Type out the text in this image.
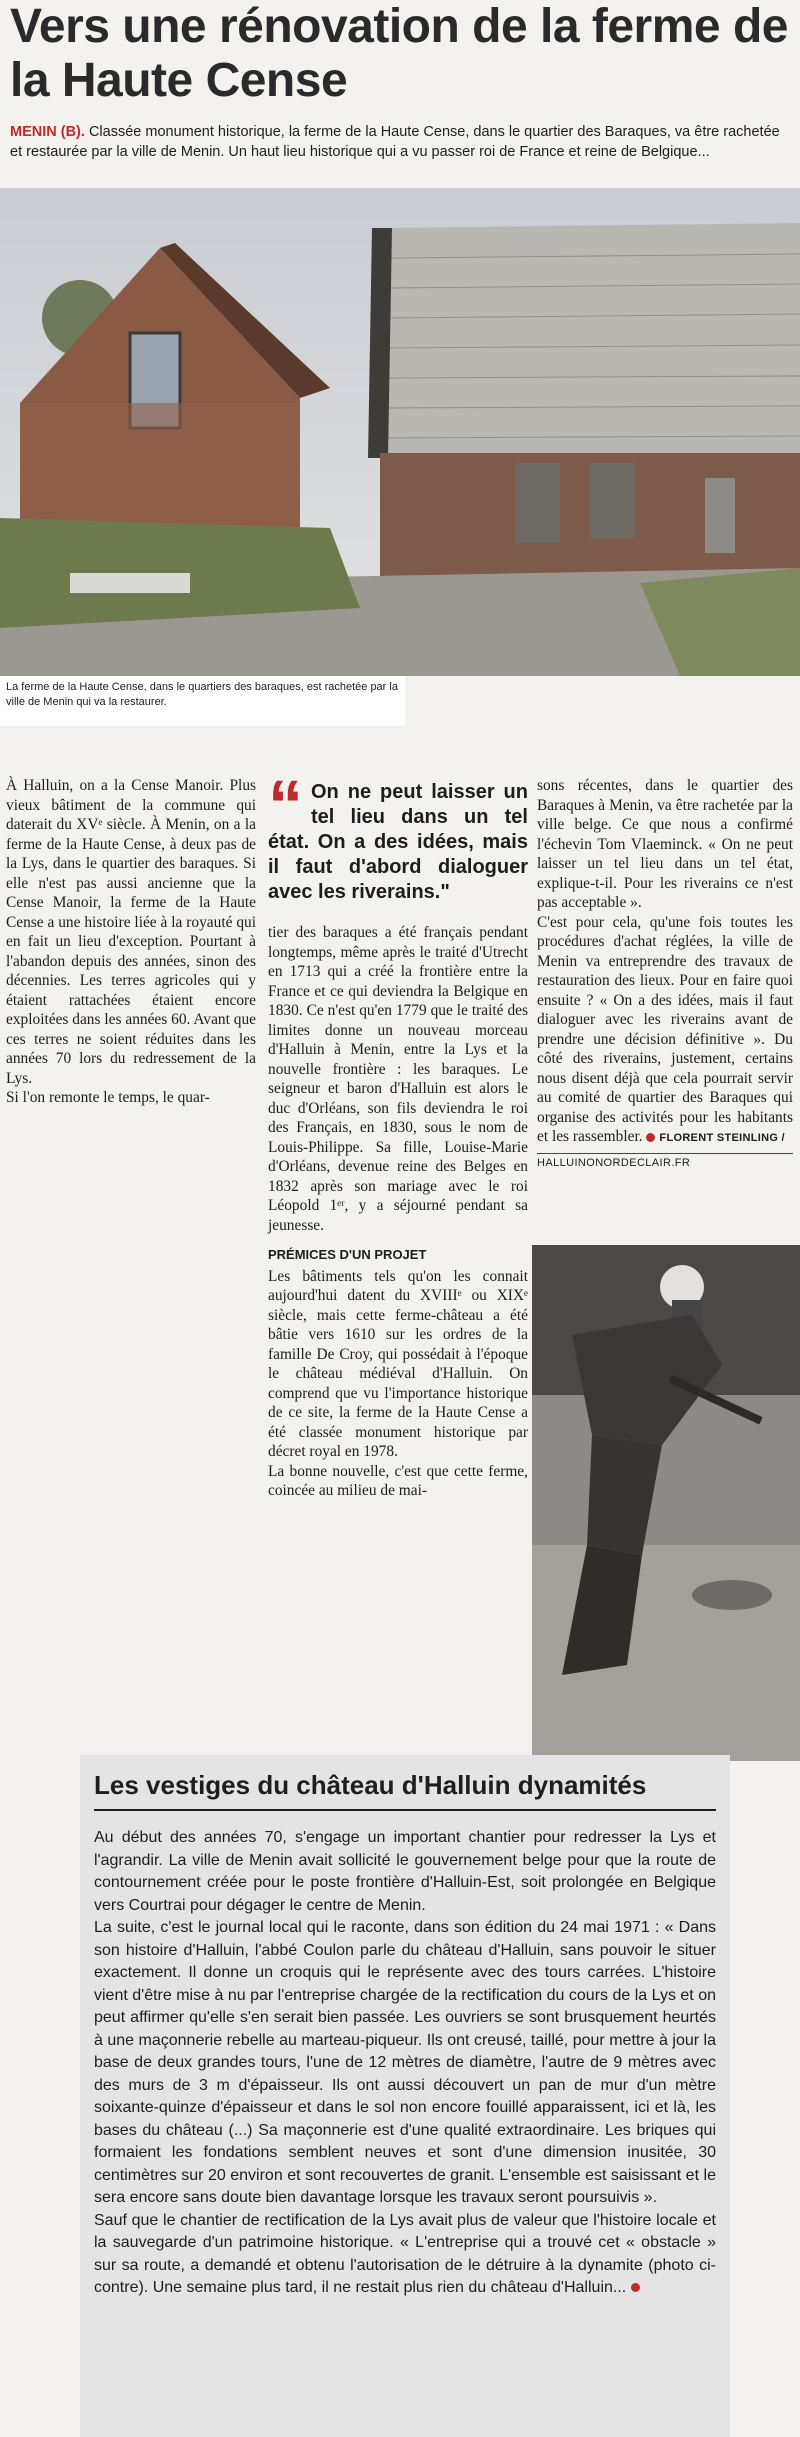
Vers une rénovation de la ferme de la Haute Cense
MENIN (B). Classée monument historique, la ferme de la Haute Cense, dans le quartier des Baraques, va être rachetée et restaurée par la ville de Menin. Un haut lieu historique qui a vu passer roi de France et reine de Belgique...
La ferme de la Haute Cense, dans le quartiers des baraques, est rachetée par la ville de Menin qui va la restaurer.

À Halluin, on a la Cense Manoir. Plus vieux bâtiment de la commune qui daterait du XVᵉ siècle. À Menin, on a la ferme de la Haute Cense, à deux pas de la Lys, dans le quartier des baraques. Si elle n'est pas aussi ancienne que la Cense Manoir, la ferme de la Haute Cense a une histoire liée à la royauté qui en fait un lieu d'exception. Pourtant à l'abandon depuis des années, sinon des décennies. Les terres agricoles qui y étaient rattachées étaient encore exploitées dans les années 60. Avant que ces terres ne soient réduites dans les années 70 lors du redressement de la Lys.

Si l'on remonte le temps, le quar-

“ On ne peut laisser un tel lieu dans un tel état. On a des idées, mais il faut d'abord dialoguer avec les riverains."

tier des baraques a été français pendant longtemps, même après le traité d'Utrecht en 1713 qui a créé la frontière entre la France et ce qui deviendra la Belgique en 1830. Ce n'est qu'en 1779 que le traité des limites donne un nouveau morceau d'Halluin à Menin, entre la Lys et la nouvelle frontière : les baraques. Le seigneur et baron d'Halluin est alors le duc d'Orléans, son fils deviendra le roi des Français, en 1830, sous le nom de Louis-Philippe. Sa fille, Louise-Marie d'Orléans, devenue reine des Belges en 1832 après son mariage avec le roi Léopold 1ᵉʳ, y a séjourné pendant sa jeunesse.

PRÉMICES D'UN PROJET

Les bâtiments tels qu'on les connait aujourd'hui datent du XVIIIᵉ ou XIXᵉ siècle, mais cette ferme-château a été bâtie vers 1610 sur les ordres de la famille De Croy, qui possédait à l'époque le château médiéval d'Halluin. On comprend que vu l'importance historique de ce site, la ferme de la Haute Cense a été classée monument historique par décret royal en 1978.

La bonne nouvelle, c'est que cette ferme, coincée au milieu de mai-

sons récentes, dans le quartier des Baraques à Menin, va être rachetée par la ville belge. Ce que nous a confirmé l'échevin Tom Vlaeminck. « On ne peut laisser un tel lieu dans un tel état, explique-t-il. Pour les riverains ce n'est pas acceptable ».

C'est pour cela, qu'une fois toutes les procédures d'achat réglées, la ville de Menin va entreprendre des travaux de restauration des lieux. Pour en faire quoi ensuite ? « On a des idées, mais il faut dialoguer avec les riverains avant de prendre une décision définitive ». Du côté des riverains, justement, certains nous disent déjà que cela pourrait servir au comité de quartier des Baraques qui organise des activités pour les habitants et les rassembler. FLORENT STEINLING /

HALLUINONORDECLAIR.FR
Les vestiges du château d'Halluin dynamités

Au début des années 70, s'engage un important chantier pour redresser la Lys et l'agrandir. La ville de Menin avait sollicité le gouvernement belge pour que la route de contournement créée pour le poste frontière d'Halluin-Est, soit prolongée en Belgique vers Courtrai pour dégager le centre de Menin.

La suite, c'est le journal local qui le raconte, dans son édition du 24 mai 1971 : « Dans son histoire d'Halluin, l'abbé Coulon parle du château d'Halluin, sans pouvoir le situer exactement. Il donne un croquis qui le représente avec des tours carrées. L'histoire vient d'être mise à nu par l'entreprise chargée de la rectification du cours de la Lys et on peut affirmer qu'elle s'en serait bien passée. Les ouvriers se sont brusquement heurtés à une maçonnerie rebelle au marteau-piqueur. Ils ont creusé, taillé, pour mettre à jour la base de deux grandes tours, l'une de 12 mètres de diamètre, l'autre de 9 mètres avec des murs de 3 m d'épaisseur. Ils ont aussi découvert un pan de mur d'un mètre soixante-quinze d'épaisseur et dans le sol non encore fouillé apparaissent, ici et là, les bases du château (...) Sa maçonnerie est d'une qualité extraordinaire. Les briques qui formaient les fondations semblent neuves et sont d'une dimension inusitée, 30 centimètres sur 20 environ et sont recouvertes de granit. L'ensemble est saisissant et le sera encore sans doute bien davantage lorsque les travaux seront poursuivis ».

Sauf que le chantier de rectification de la Lys avait plus de valeur que l'histoire locale et la sauvegarde d'un patrimoine historique. « L'entreprise qui a trouvé cet « obstacle » sur sa route, a demandé et obtenu l'autorisation de le détruire à la dynamite (photo ci-contre). Une semaine plus tard, il ne restait plus rien du château d'Halluin...
